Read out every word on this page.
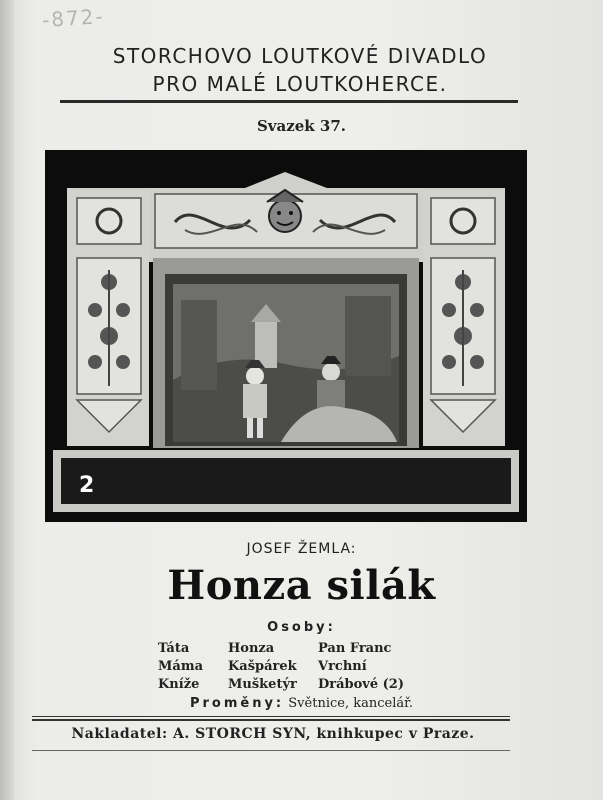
-872-
STORCHOVO LOUTKOVÉ DIVADLO
PRO MALÉ LOUTKOHERCE.
Svazek 37.
2
JOSEF ŽEMLA:
Honza silák
Osoby:
Táta
Máma
Kníže
Honza
Kašpárek
Mušketýr
Pan Franc
Vrchní
Drábové (2)
Proměny: Světnice, kancelář.
Nakladatel: A. STORCH SYN, knihkupec v Praze.
